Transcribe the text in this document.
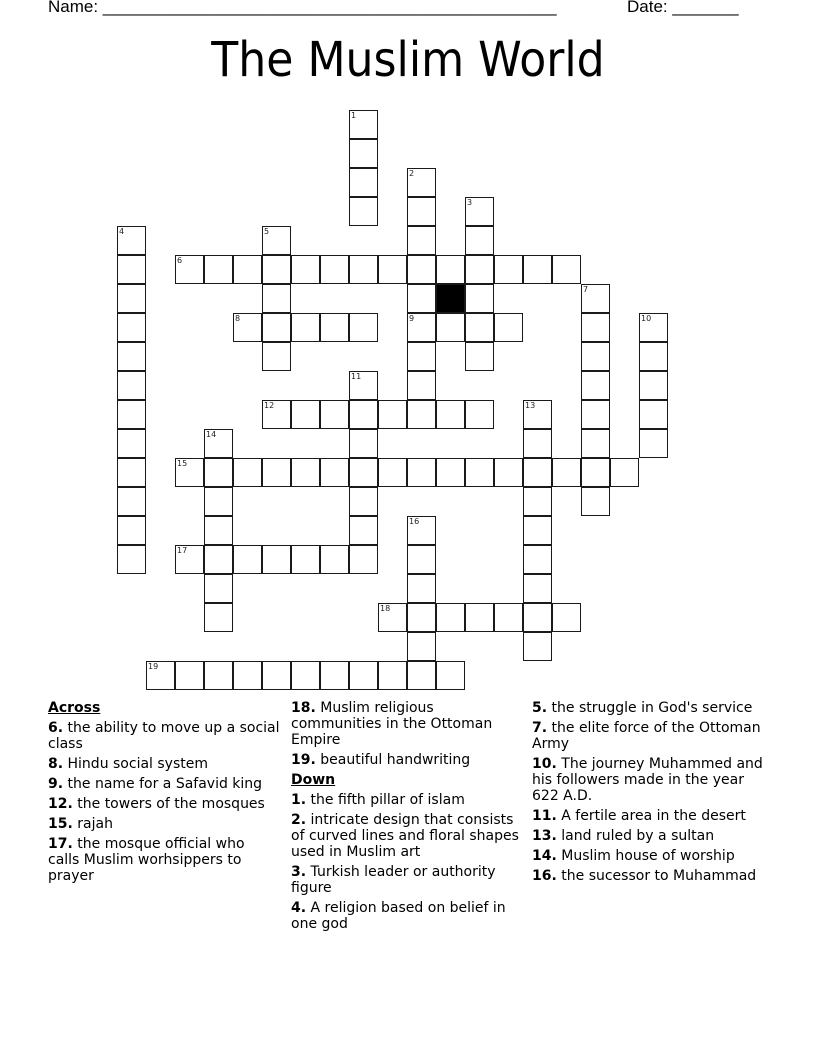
Name: ________________________________________________	Date: _______
The Muslim World
1
2
9
3
4	5
6
7
8	10
11
12	13
14
15
16
17
18
19
Across
6. the ability to move up a social class
8. Hindu social system
9. the name for a Safavid king
12. the towers of the mosques
15. rajah
17. the mosque official who calls Muslim worhsippers to prayer
18. Muslim religious communities in the Ottoman Empire
19. beautiful handwriting
Down
1. the fifth pillar of islam
2. intricate design that consists of curved lines and floral shapes used in Muslim art
3. Turkish leader or authority figure
4. A religion based on belief in one god
5. the struggle in God's service
7. the elite force of the Ottoman Army
10. The journey Muhammed and his followers made in the year 622 A.D.
11. A fertile area in the desert
13. land ruled by a sultan
14. Muslim house of worship
16. the sucessor to Muhammad
